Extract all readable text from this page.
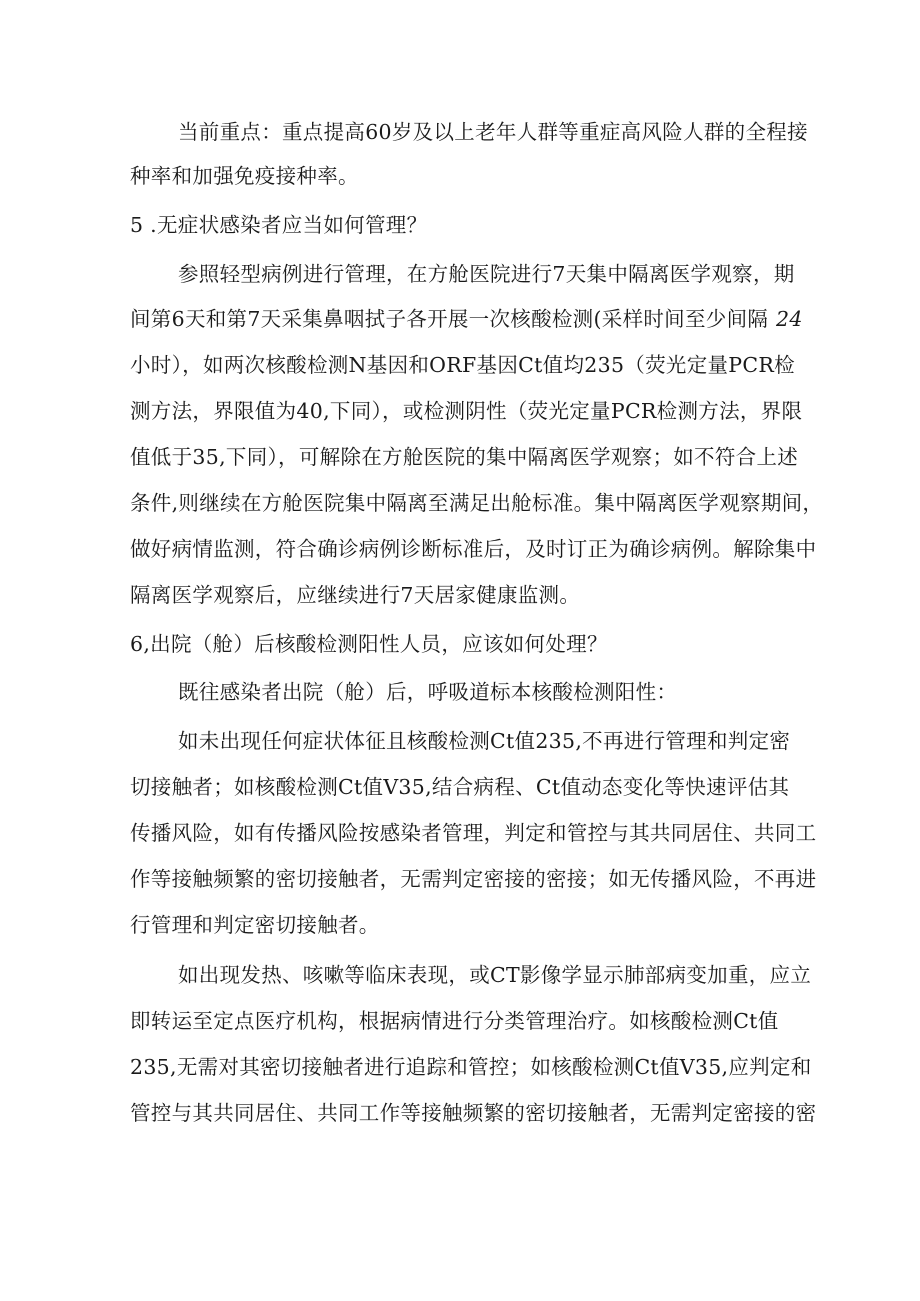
当前重点：重点提高60岁及以上老年人群等重症高风险人群的全程接
种率和加强免疫接种率。
5 .无症状感染者应当如何管理？
参照轻型病例进行管理，在方舱医院进行7天集中隔离医学观察，期
间第6天和第7天采集鼻咽拭子各开展一次核酸检测(采样时间至少间隔 24
小时），如两次核酸检测N基因和ORF基因Ct值均235（荧光定量PCR检
测方法，界限值为40,下同），或检测阴性（荧光定量PCR检测方法，界限
值低于35,下同），可解除在方舱医院的集中隔离医学观察；如不符合上述
条件,则继续在方舱医院集中隔离至满足出舱标准。集中隔离医学观察期间，
做好病情监测，符合确诊病例诊断标准后，及时订正为确诊病例。解除集中
隔离医学观察后，应继续进行7天居家健康监测。
6,出院（舱）后核酸检测阳性人员，应该如何处理？
既往感染者出院（舱）后，呼吸道标本核酸检测阳性：
如未出现任何症状体征且核酸检测Ct值235,不再进行管理和判定密
切接触者；如核酸检测Ct值V35,结合病程、Ct值动态变化等快速评估其
传播风险，如有传播风险按感染者管理，判定和管控与其共同居住、共同工
作等接触频繁的密切接触者，无需判定密接的密接；如无传播风险，不再进
行管理和判定密切接触者。
如出现发热、咳嗽等临床表现，或CT影像学显示肺部病变加重，应立
即转运至定点医疗机构，根据病情进行分类管理治疗。如核酸检测Ct值
235,无需对其密切接触者进行追踪和管控；如核酸检测Ct值V35,应判定和
管控与其共同居住、共同工作等接触频繁的密切接触者，无需判定密接的密
